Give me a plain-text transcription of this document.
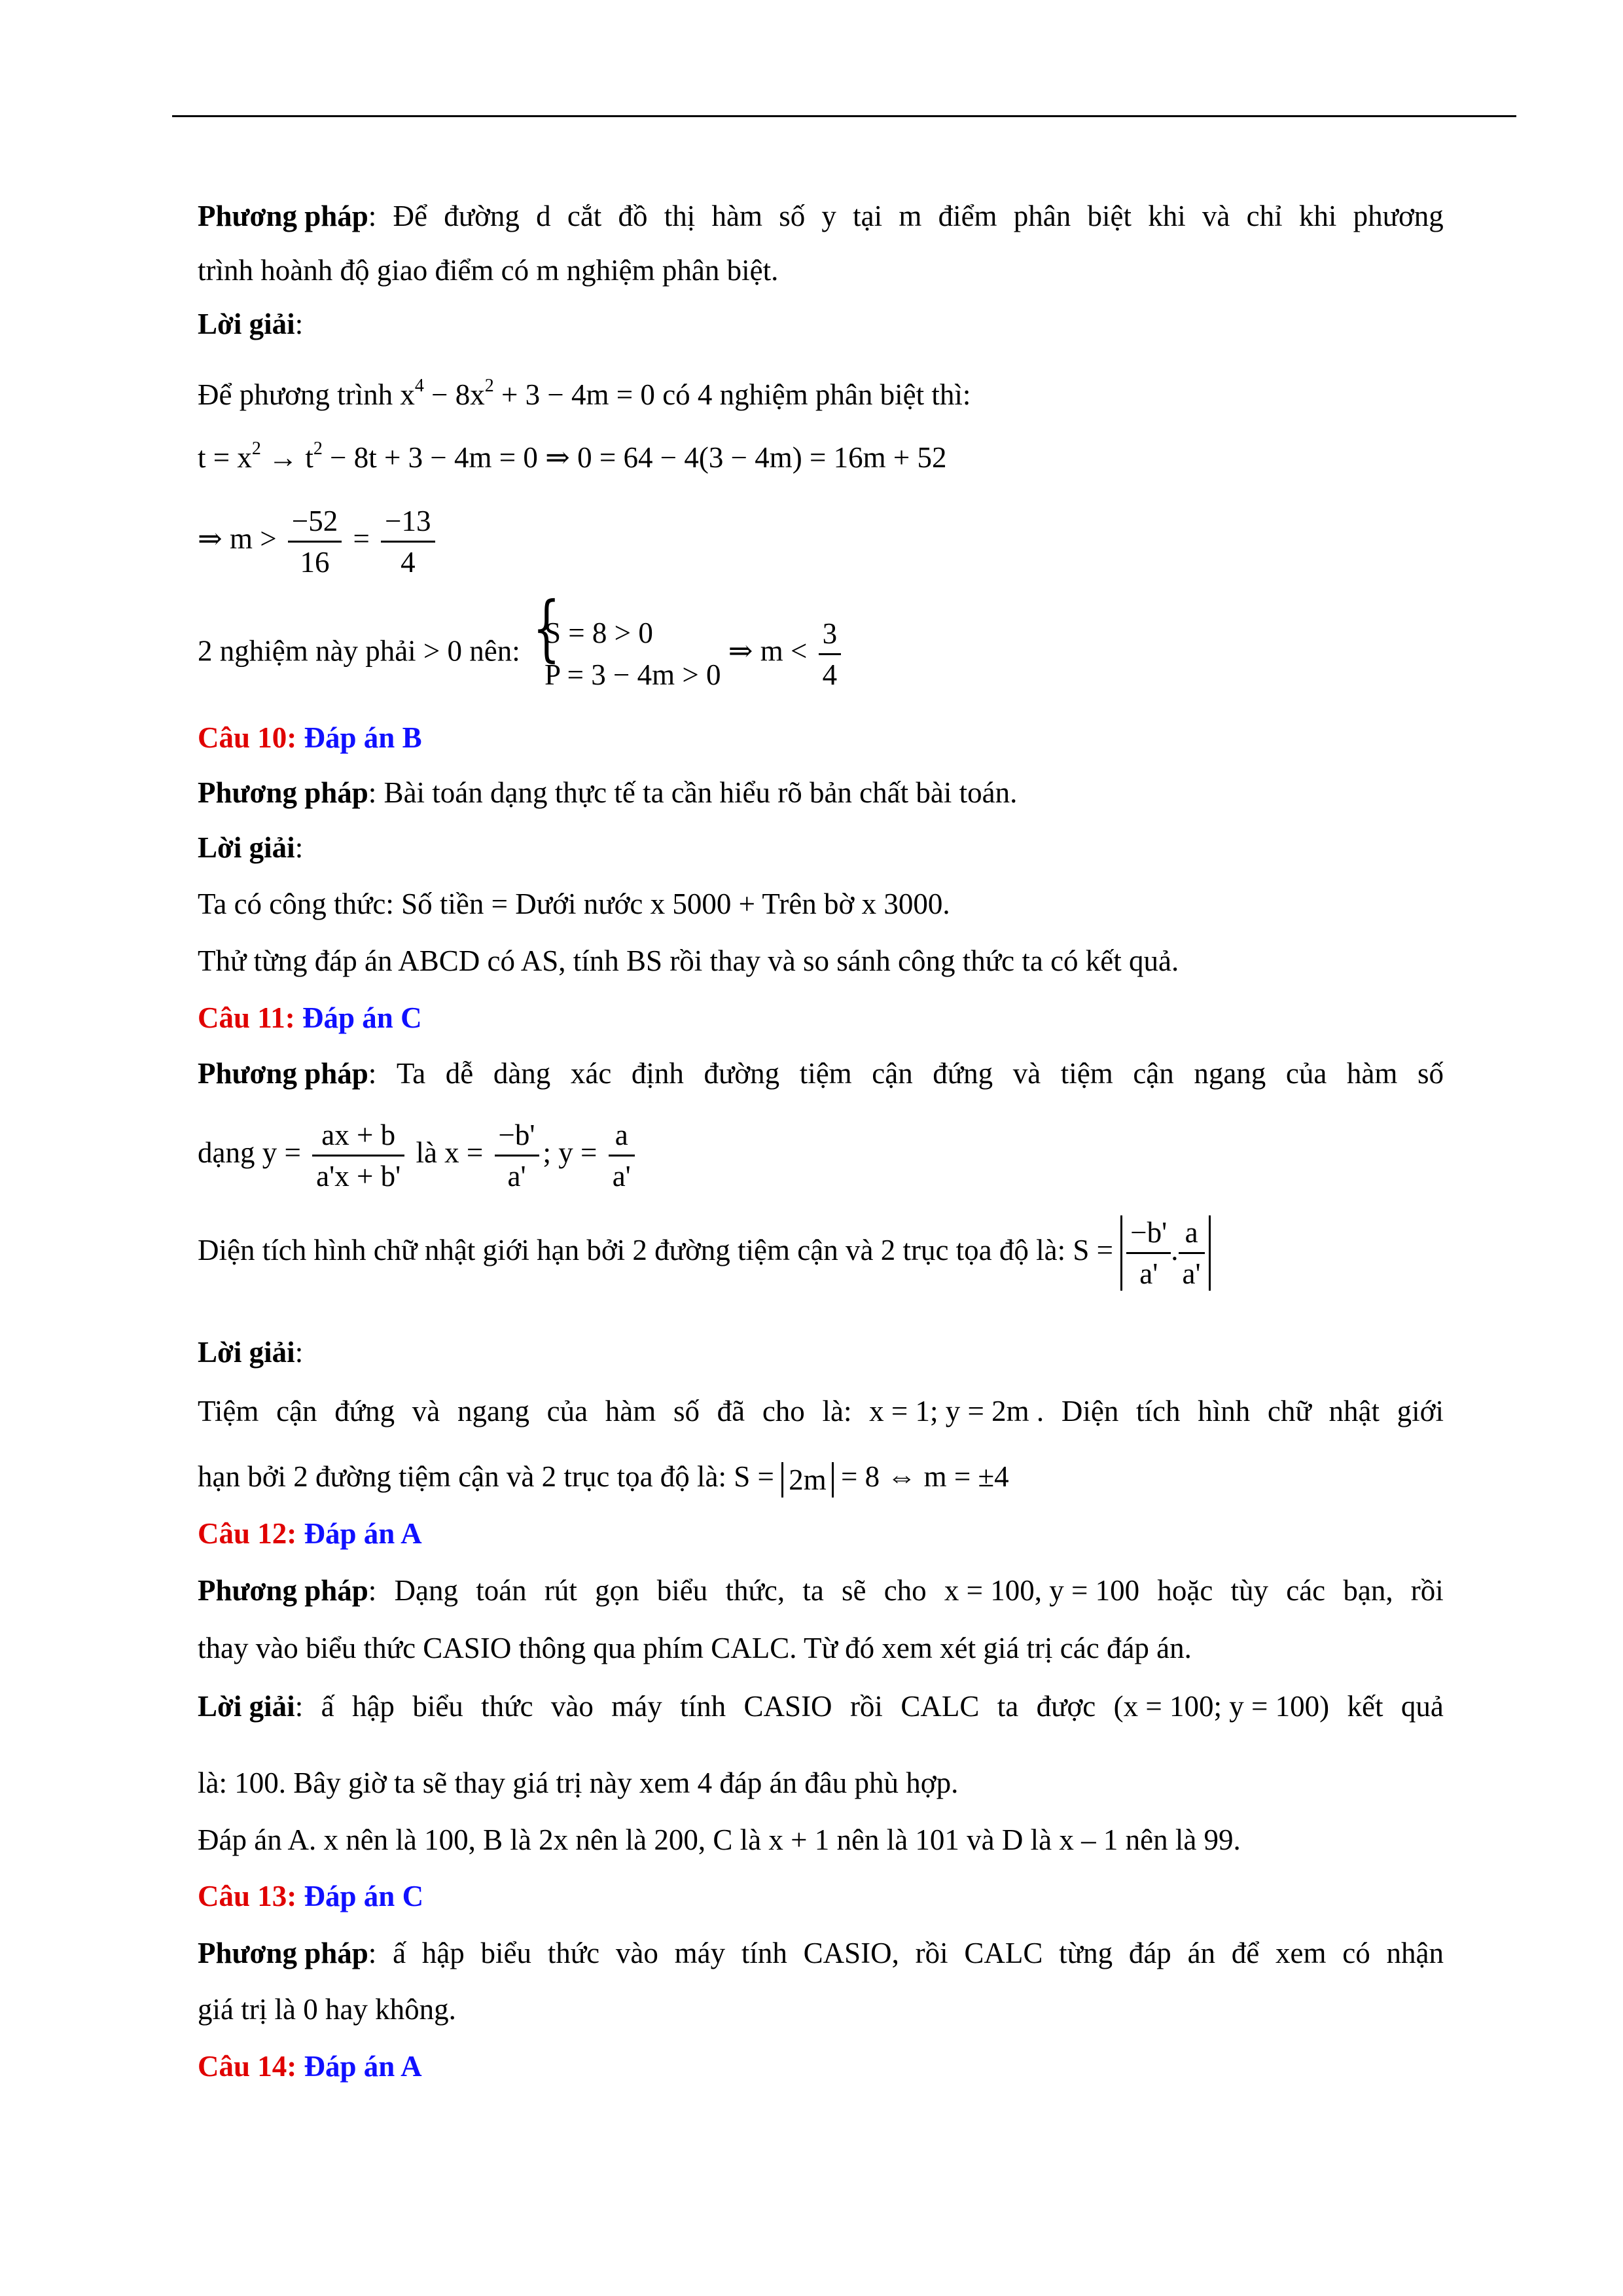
Phương pháp: Để đường d cắt đồ thị hàm số y tại m điểm phân biệt khi và chỉ khi phương
trình hoành độ giao điểm có m nghiệm phân biệt.
Lời giải:
Để phương trình $x^4 - 8x^2 + 3 - 4m = 0$ có 4 nghiệm phân biệt thì:
$t = x^2 \to t^2 - 8t + 3 - 4m = 0$ ⇒ 0 = 64 − 4(3 − 4m) = 16m + 52
⇒ $m > \frac{-52}{16} = \frac{-13}{4}$
2 nghiệm này phải > 0 nên: {
S = 8 > 0
P = 3 − 4m > 0
⇒ $m < \frac{3}{4}$
Câu 10: Đáp án B
Phương pháp: Bài toán dạng thực tế ta cần hiểu rõ bản chất bài toán.
Lời giải:
Ta có công thức: Số tiền = Dưới nước x 5000 + Trên bờ x 3000.
Thử từng đáp án ABCD có AS, tính BS rồi thay và so sánh công thức ta có kết quả.
Câu 11: Đáp án C
Phương pháp: Ta dễ dàng xác định đường tiệm cận đứng và tiệm cận ngang của hàm số
dạng $y = \frac{ax + b}{a'x + b'}$ là $x = \frac{-b'}{a'}$ ; $y = \frac{a}{a'}$
Diện tích hình chữ nhật giới hạn bởi 2 đường tiệm cận và 2 trục tọa độ là: $S = \frac{-b'}{a'}$ . $\frac{a}{a'}$
Lời giải:
Tiệm cận đứng và ngang của hàm số đã cho là: x = 1; y = 2m . Diện tích hình chữ nhật giới
hạn bởi 2 đường tiệm cận và 2 trục tọa độ là: S = 2m = 8 ⇔ m = ±4
Câu 12: Đáp án A
Phương pháp: Dạng toán rút gọn biểu thức, ta sẽ cho x = 100, y = 100 hoặc tùy các bạn, rồi
thay vào biểu thức CASIO thông qua phím CALC. Từ đó xem xét giá trị các đáp án.
Lời giải: ấ hập biểu thức vào máy tính CASIO rồi CALC ta được (x = 100; y = 100) kết quả
là: 100. Bây giờ ta sẽ thay giá trị này xem 4 đáp án đâu phù hợp.
Đáp án A. x nên là 100, B là 2x nên là 200, C là x + 1 nên là 101 và D là x – 1 nên là 99.
Câu 13: Đáp án C
Phương pháp: ấ hập biểu thức vào máy tính CASIO, rồi CALC từng đáp án để xem có nhận
giá trị là 0 hay không.
Câu 14: Đáp án A
